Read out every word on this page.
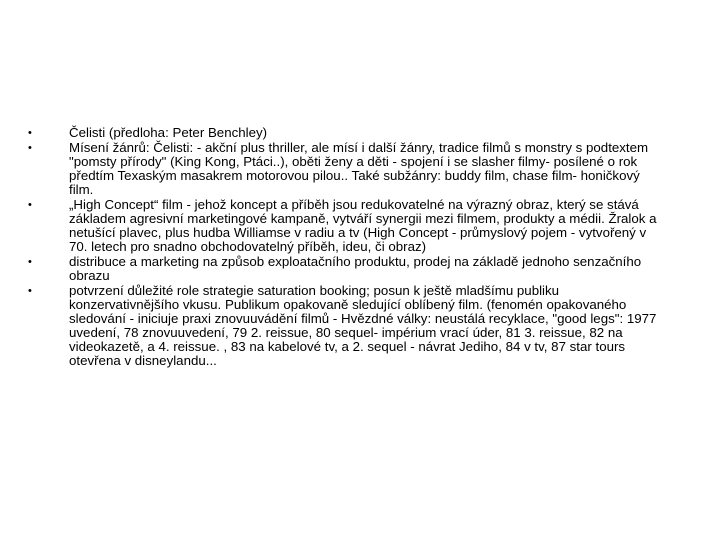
•	Čelisti (předloha: Peter Benchley)
•	Mísení žánrů: Čelisti: - akční plus thriller, ale mísí i další žánry, tradice filmů s monstry s podtextem "pomsty přírody" (King Kong, Ptáci..), oběti ženy a děti - spojení i se slasher filmy- posílené o rok předtím Texaským masakrem motorovou pilou.. Také subžánry: buddy film, chase film- honičkový film.
•	„High Concept“ film - jehož koncept a příběh jsou redukovatelné na výrazný obraz, který se stává základem agresivní marketingové kampaně, vytváří synergii mezi filmem, produkty a médii. Žralok a netušící plavec, plus hudba Williamse v radiu a tv (High Concept - průmyslový pojem - vytvořený v 70. letech pro snadno obchodovatelný příběh, ideu, či obraz)
•	distribuce a marketing na způsob exploatačního produktu, prodej na základě jednoho senzačního obrazu
•	potvrzení důležité role strategie saturation booking; posun k ještě mladšímu publiku konzervativnějšího vkusu. Publikum opakovaně sledující oblíbený film. (fenomén opakovaného sledování - iniciuje praxi znovuuvádění filmů - Hvězdné války: neustálá recyklace, "good legs": 1977 uvedení, 78 znovuuvedení, 79 2. reissue, 80 sequel- impérium vrací úder, 81 3. reissue, 82 na videokazetě, a 4. reissue. , 83 na kabelové tv, a 2. sequel - návrat Jediho, 84 v tv, 87 star tours otevřena v disneylandu...
